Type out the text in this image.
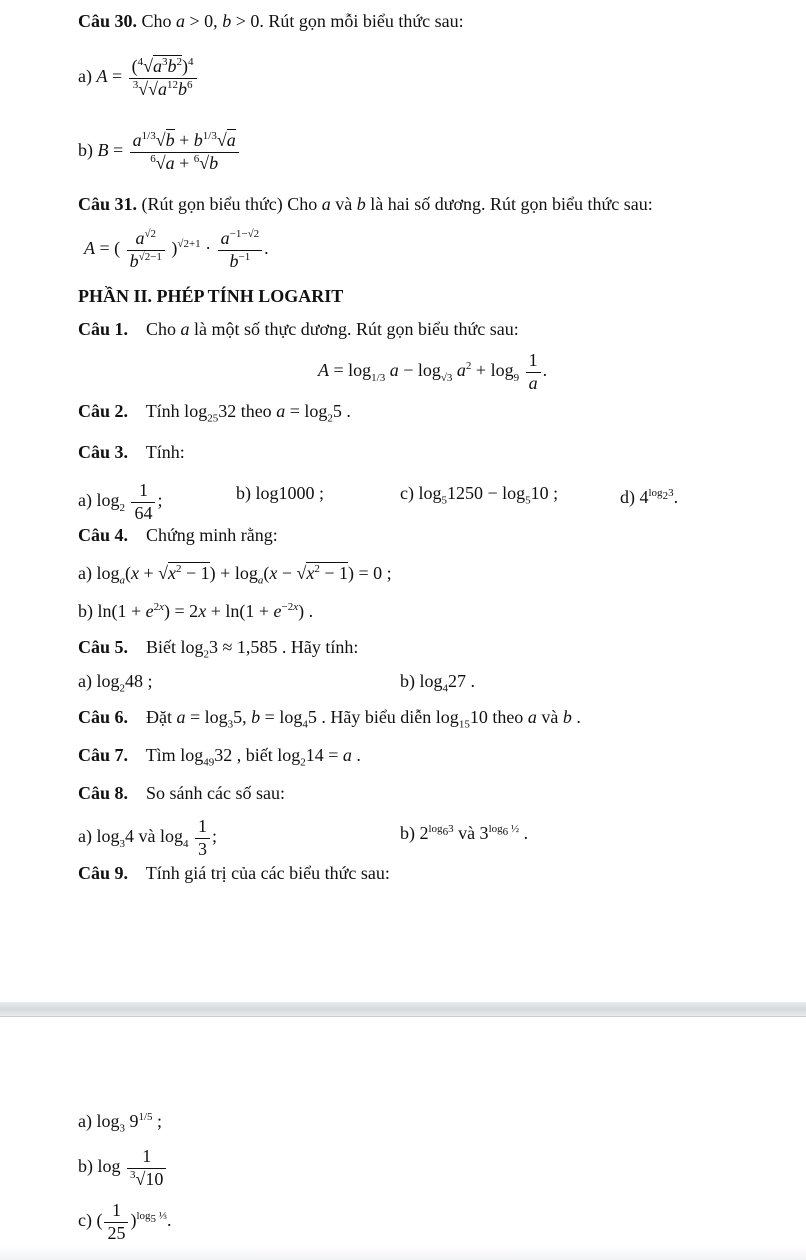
Câu 30. Cho a > 0, b > 0. Rút gọn mỗi biểu thức sau:
a) $A = \frac{(^4√a^3b^2)^4}{^3√√a^{12}b^6}$
b) $B = \frac{a^{1/3}√b + b^{1/3}√a}{^6√a + ^6√b}$
Câu 31. (Rút gọn biểu thức) Cho a và b là hai số dương. Rút gọn biểu thức sau:
A = ( $\frac{a^{√2}}{b^{√2-1}} )^{√2+1} \cdot \frac{a^{-1-√2}}{b^{-1}}$ .
PHẦN II. PHÉP TÍNH LOGARIT
Câu 1.    Cho a là một số thực dương. Rút gọn biểu thức sau:
$A = \log_{1/3} a - \log_{√3} a^2 + \log_9 \frac{1}{a}$ .
Câu 2.    Tính $\log_{25}32$ theo $a = \log_25$ .
Câu 3. Tính:
a) $\log_2 \frac{1}{64}$ ;	b) log1000 ;	c) $\log_51250 - \log_510$ ;	d) $4^{log_23}$.
Câu 4. Chứng minh rằng:
a) $\log_a(x + √x^2 - 1) + \log_a(x - √x^2 - 1) = 0$ ;
b) $\ln(1 + e^{2x}) = 2x + \ln(1 + e^{-2x})$ .
Câu 5.    Biết $\log_23 \approx 1,585$ . Hãy tính:
a) $\log_248$ ;	b) $\log_427$ .
Câu 6.    Đặt $a = \log_35$, $b = \log_45$ . Hãy biểu diễn $\log_{15}10$ theo a và b .
Câu 7.    Tìm $\log_{49}32$ , biết $\log_214 = a$ .
Câu 8. So sánh các số sau:
a) $\log_34$ và $\log_4 \frac{1}{3}$ ;	b) $2^{log_63}$ và $3^{log_6 \frac{1}{2}}$ .
Câu 9. Tính giá trị của các biểu thức sau:
a) $\log_3 9^{1/5}$ ;
b) $\log \frac{1}{^3√10}$
c) ( $\frac{1}{25} )^{log_5 \frac{1}{3}}$.
